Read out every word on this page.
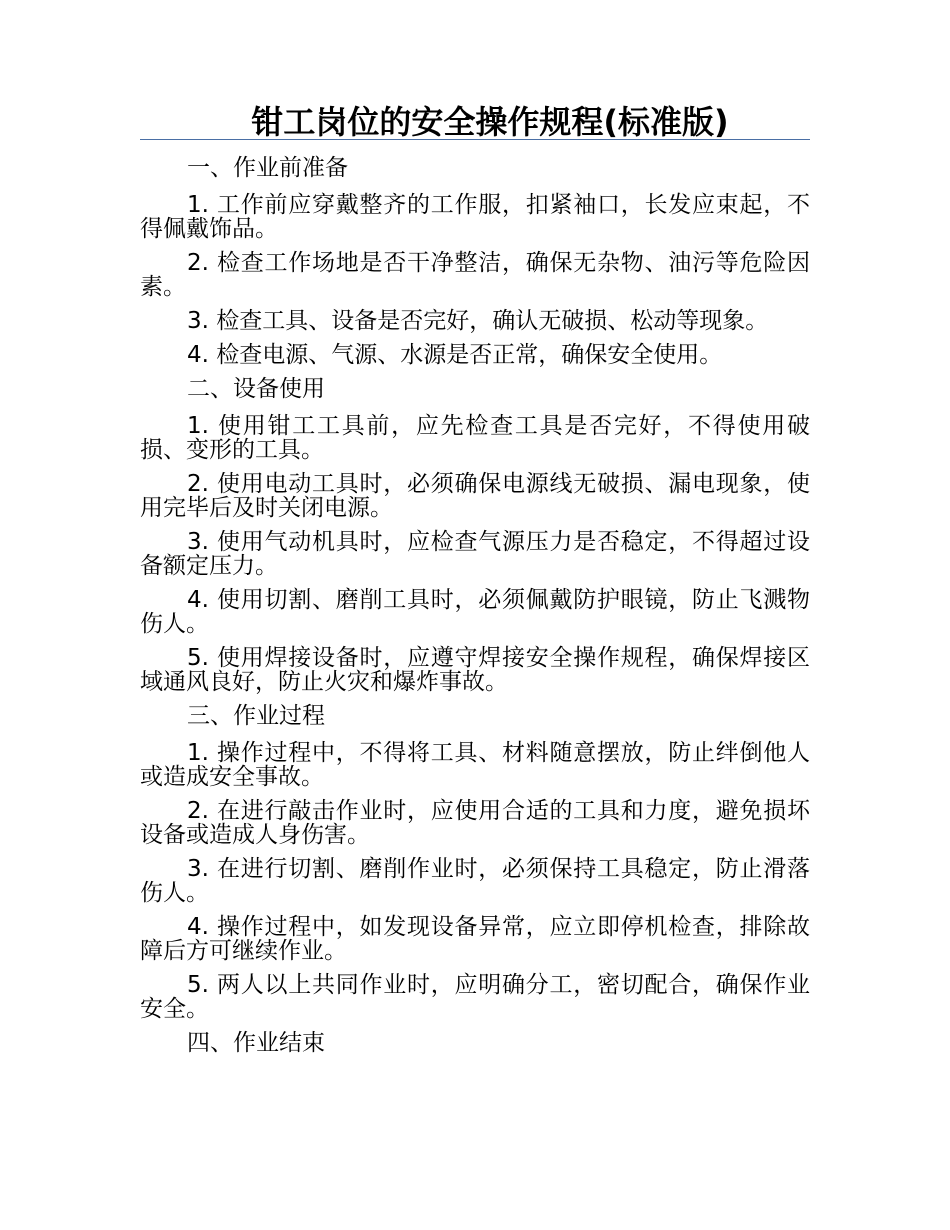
钳工岗位的安全操作规程(标准版)

一、作业前准备

1. 工作前应穿戴整齐的工作服，扣紧袖口，长发应束起，不得佩戴饰品。

2. 检查工作场地是否干净整洁，确保无杂物、油污等危险因素。

3. 检查工具、设备是否完好，确认无破损、松动等现象。

4. 检查电源、气源、水源是否正常，确保安全使用。

二、设备使用

1. 使用钳工工具前，应先检查工具是否完好，不得使用破损、变形的工具。

2. 使用电动工具时，必须确保电源线无破损、漏电现象，使用完毕后及时关闭电源。

3. 使用气动机具时，应检查气源压力是否稳定，不得超过设备额定压力。

4. 使用切割、磨削工具时，必须佩戴防护眼镜，防止飞溅物伤人。

5. 使用焊接设备时，应遵守焊接安全操作规程，确保焊接区域通风良好，防止火灾和爆炸事故。

三、作业过程

1. 操作过程中，不得将工具、材料随意摆放，防止绊倒他人或造成安全事故。

2. 在进行敲击作业时，应使用合适的工具和力度，避免损坏设备或造成人身伤害。

3. 在进行切割、磨削作业时，必须保持工具稳定，防止滑落伤人。

4. 操作过程中，如发现设备异常，应立即停机检查，排除故障后方可继续作业。

5. 两人以上共同作业时，应明确分工，密切配合，确保作业安全。

四、作业结束
